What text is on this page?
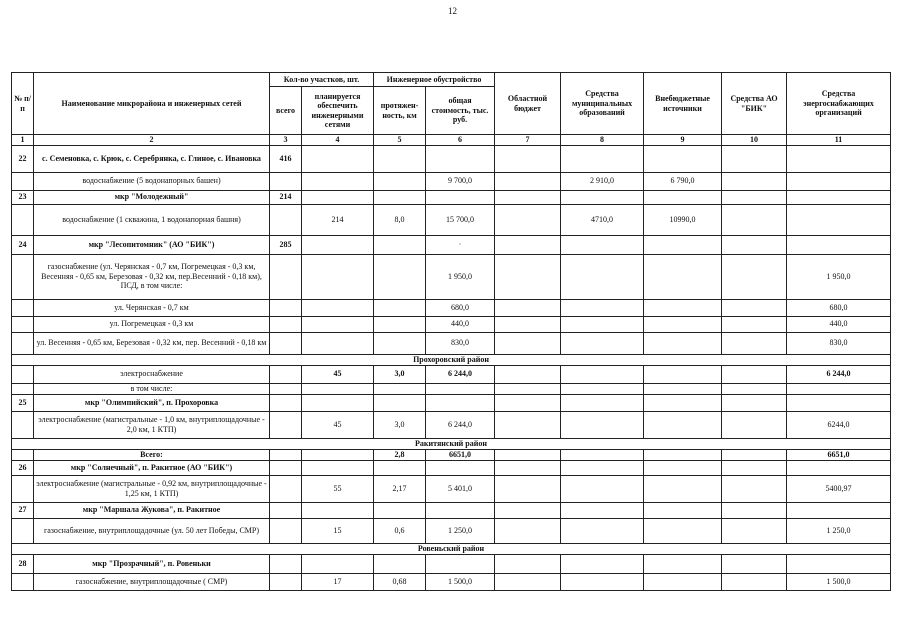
12
№ п/п	Наименование микрорайона и инженерных сетей	Кол-во участков, шт.		Инженерное обустройство		Областной бюджет	Средства муниципальных образований	Внебюджетные источники	Средства АО "БИК"	Средства энергоснабжающих организаций
		всего	планируется обеспечить инженерными сетями	протяжен-ность, км	общая стоимость, тыс. руб.					
1	2	3	4	5	6	7	8	9	10	11
22	с. Семеновка, с. Крюк, с. Серебрянка, с. Глиное, с. Ивановка	416								
	водоснабжение (5 водонапорных башен)				9 700,0		2 910,0	6 790,0		
23	мкр "Молодежный"	214								
	водоснабжение (1 скважина, 1 водонапорная башня)		214	8,0	15 700,0		4710,0	10990,0		
24	мкр "Лесопитомник" (АО "БИК")	285			·					
	газоснабжение (ул. Черянская - 0,7 км, Погремецкая - 0,3 км, Весенняя - 0,65 км, Березовая - 0,32 км, пер.Весенний - 0,18 км), ПСД, в том числе:				1 950,0					1 950,0
	ул. Черянская - 0,7 км				680,0					680,0
	ул. Погремецкая - 0,3 км				440,0					440,0
	ул. Весенняя - 0,65 км, Березовая - 0,32 км, пер. Весенний - 0,18 км				830,0					830,0
Прохоровский район										
	электроснабжение		45	3,0	6 244,0					6 244,0
	в том числе:									
25	мкр "Олимпийский", п. Прохоровка									
	электроснабжение (магистральные - 1,0 км, внутриплощадочные - 2,0 км, 1 КТП)		45	3,0	6 244,0					6244,0
Ракитянский район										
	Всего:			2,8	6651,0					6651,0
26	мкр "Солнечный", п. Ракитное (АО "БИК")									
	электроснабжение (магистральные - 0,92 км, внутриплощадочные - 1,25 км, 1 КТП)		55	2,17	5 401,0					5400,97
27	мкр "Маршала Жукова", п. Ракитное									
	газоснабжение, внутриплощадочные (ул. 50 лет Победы, СМР)		15	0,6	1 250,0					1 250,0
Ровеньский район										
28	мкр "Прозрачный", п. Ровеньки									
	газоснабжение, внутриплощадочные ( СМР)		17	0,68	1 500,0					1 500,0
